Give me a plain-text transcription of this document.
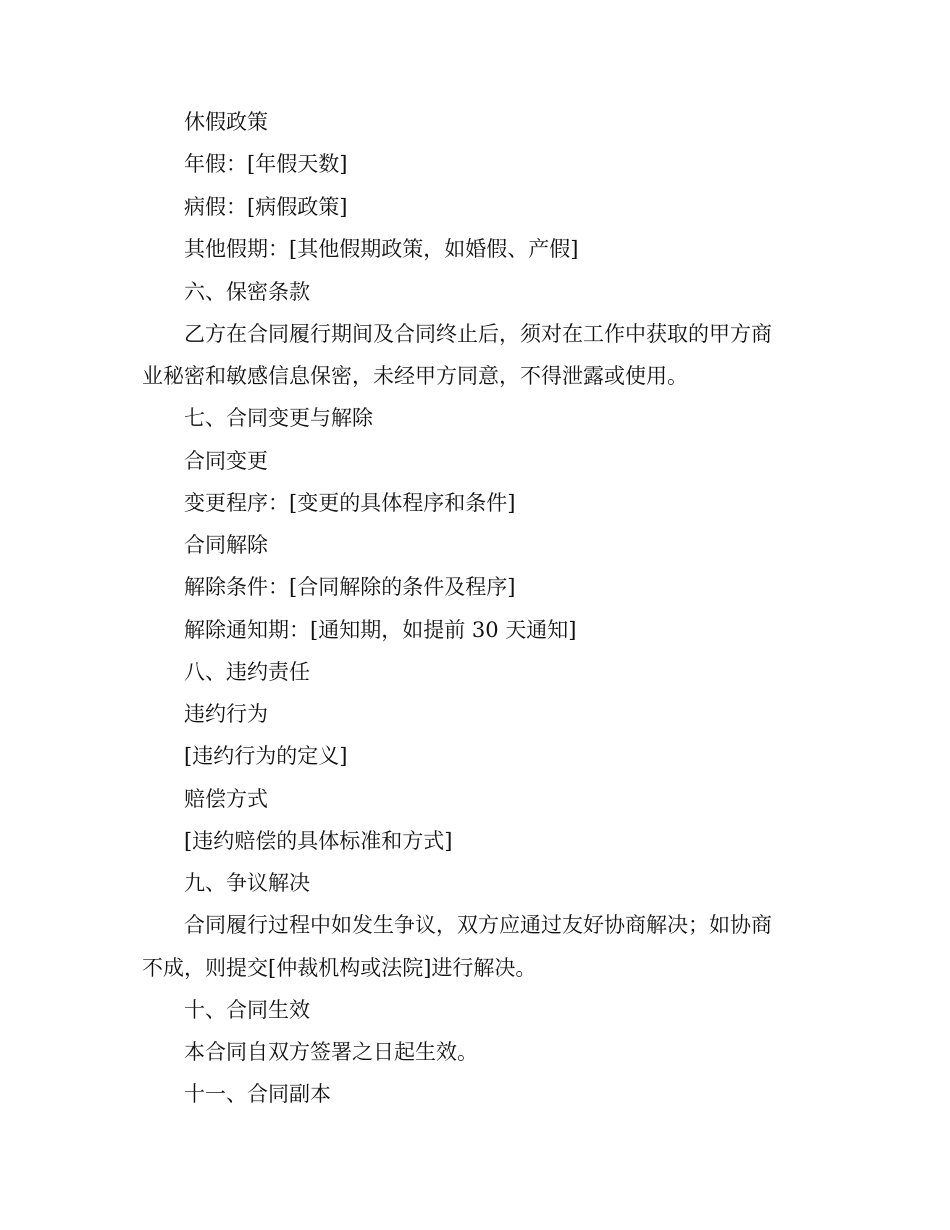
休假政策
年假：[年假天数]
病假：[病假政策]
其他假期：[其他假期政策，如婚假、产假]
六、保密条款
乙方在合同履行期间及合同终止后，须对在工作中获取的甲方商
业秘密和敏感信息保密，未经甲方同意，不得泄露或使用。
七、合同变更与解除
合同变更
变更程序：[变更的具体程序和条件]
合同解除
解除条件：[合同解除的条件及程序]
解除通知期：[通知期，如提前 30 天通知]
八、违约责任
违约行为
[违约行为的定义]
赔偿方式
[违约赔偿的具体标准和方式]
九、争议解决
合同履行过程中如发生争议，双方应通过友好协商解决；如协商
不成，则提交[仲裁机构或法院]进行解决。
十、合同生效
本合同自双方签署之日起生效。
十一、合同副本
